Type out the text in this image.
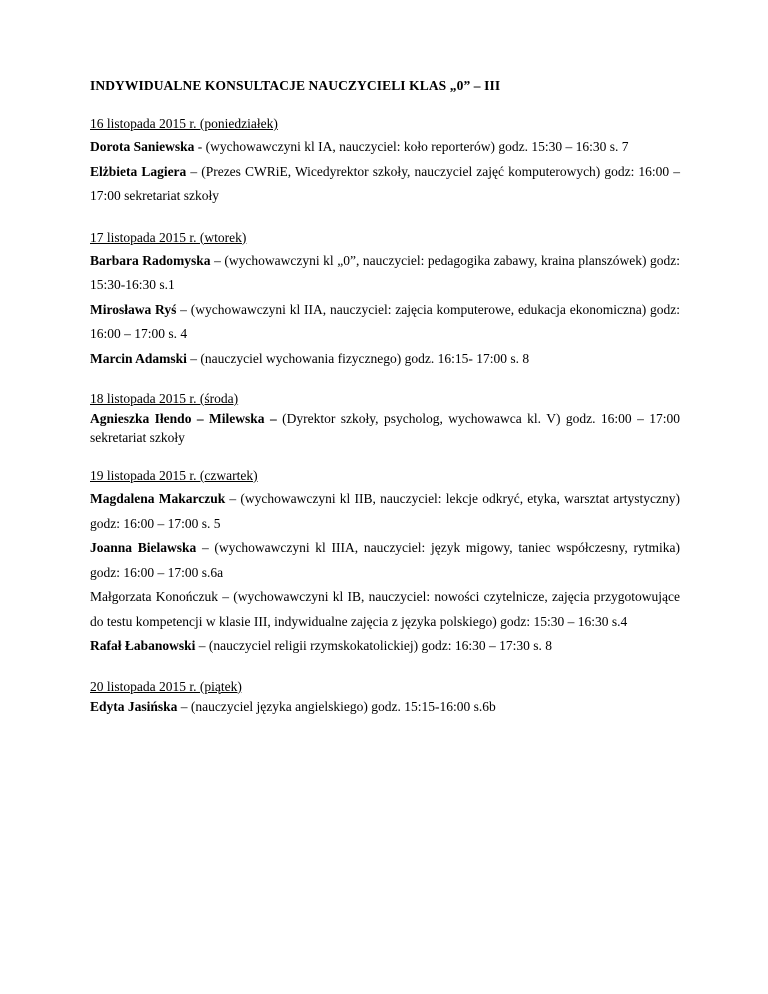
INDYWIDUALNE KONSULTACJE NAUCZYCIELI KLAS „0” – III

16 listopada 2015 r. (poniedziałek)

Dorota Saniewska - (wychowawczyni kl IA, nauczyciel: koło reporterów) godz. 15:30 – 16:30 s. 7

Elżbieta Lagiera – (Prezes CWRiE, Wicedyrektor szkoły, nauczyciel zajęć komputerowych) godz: 16:00 – 17:00 sekretariat szkoły

17 listopada 2015 r. (wtorek)

Barbara Radomyska – (wychowawczyni kl „0”, nauczyciel: pedagogika zabawy, kraina planszówek) godz: 15:30-16:30 s.1

Mirosława Ryś – (wychowawczyni kl IIA, nauczyciel: zajęcia komputerowe, edukacja ekonomiczna) godz: 16:00 – 17:00 s. 4

Marcin Adamski – (nauczyciel wychowania fizycznego) godz. 16:15- 17:00 s. 8

18 listopada 2015 r. (środa)

Agnieszka Iłendo – Milewska – (Dyrektor szkoły, psycholog, wychowawca kl. V) godz. 16:00 – 17:00 sekretariat szkoły

19 listopada 2015 r. (czwartek)

Magdalena Makarczuk – (wychowawczyni kl IIB, nauczyciel: lekcje odkryć, etyka, warsztat artystyczny) godz: 16:00 – 17:00 s. 5

Joanna Bielawska – (wychowawczyni kl IIIA, nauczyciel: język migowy, taniec współczesny, rytmika) godz: 16:00 – 17:00 s.6a

Małgorzata Konończuk – (wychowawczyni kl IB, nauczyciel: nowości czytelnicze, zajęcia przygotowujące do testu kompetencji w klasie III, indywidualne zajęcia z języka polskiego) godz: 15:30 – 16:30 s.4

Rafał Łabanowski – (nauczyciel religii rzymskokatolickiej) godz: 16:30 – 17:30 s. 8

20 listopada 2015 r. (piątek)

Edyta Jasińska – (nauczyciel języka angielskiego) godz. 15:15-16:00 s.6b
